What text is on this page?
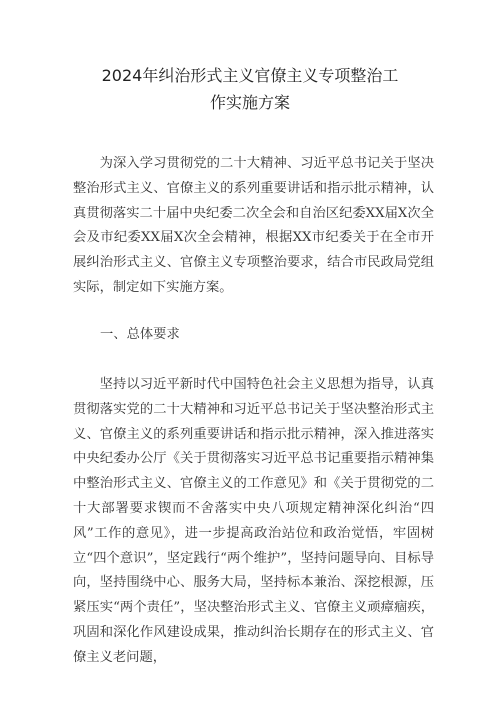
2024年纠治形式主义官僚主义专项整治工
作实施方案

为深入学习贯彻党的二十大精神、习近平总书记关于坚决整治形式主义、官僚主义的系列重要讲话和指示批示精神，认真贯彻落实二十届中央纪委二次全会和自治区纪委XX届X次全会及市纪委XX届X次全会精神，根据XX市纪委关于在全市开展纠治形式主义、官僚主义专项整治要求，结合市民政局党组实际，制定如下实施方案。

一、总体要求

坚持以习近平新时代中国特色社会主义思想为指导，认真贯彻落实党的二十大精神和习近平总书记关于坚决整治形式主义、官僚主义的系列重要讲话和指示批示精神，深入推进落实中央纪委办公厅《关于贯彻落实习近平总书记重要指示精神集中整治形式主义、官僚主义的工作意见》和《关于贯彻党的二十大部署要求锲而不舍落实中央八项规定精神深化纠治“四风”工作的意见》，进一步提高政治站位和政治觉悟，牢固树立“四个意识”，坚定践行“两个维护”，坚持问题导向、目标导向，坚持围绕中心、服务大局，坚持标本兼治、深挖根源，压紧压实“两个责任”，坚决整治形式主义、官僚主义顽瘴痼疾，巩固和深化作风建设成果，推动纠治长期存在的形式主义、官僚主义老问题，
